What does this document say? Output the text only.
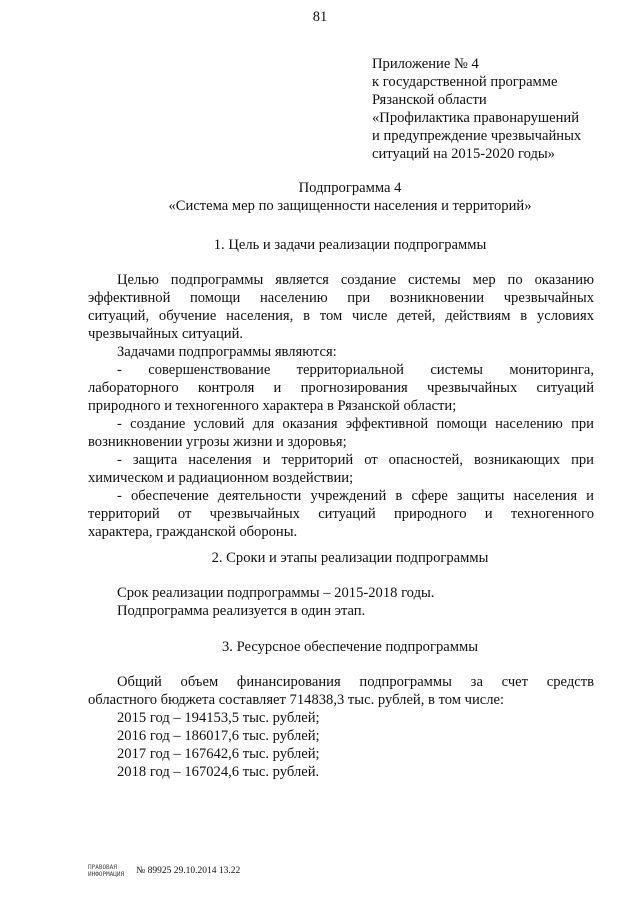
81
Приложение № 4
к государственной программе
Рязанской области
«Профилактика правонарушений
и предупреждение чрезвычайных
ситуаций на 2015-2020 годы»
Подпрограмма 4
«Система мер по защищенности населения и территорий»
1. Цель и задачи реализации подпрограммы
Целью подпрограммы является создание системы мер по оказанию
эффективной помощи населению при возникновении чрезвычайных
ситуаций, обучение населения, в том числе детей, действиям в условиях
чрезвычайных ситуаций.
Задачами подпрограммы являются:
- совершенствование территориальной системы мониторинга,
лабораторного контроля и прогнозирования чрезвычайных ситуаций
природного и техногенного характера в Рязанской области;
- создание условий для оказания эффективной помощи населению при
возникновении угрозы жизни и здоровья;
- защита населения и территорий от опасностей, возникающих при
химическом и радиационном воздействии;
- обеспечение деятельности учреждений в сфере защиты населения и
территорий от чрезвычайных ситуаций природного и техногенного
характера, гражданской обороны.
2. Сроки и этапы реализации подпрограммы
Срок реализации подпрограммы – 2015-2018 годы.
Подпрограмма реализуется в один этап.
3. Ресурсное обеспечение подпрограммы
Общий объем финансирования подпрограммы за счет средств
областного бюджета составляет 714838,3 тыс. рублей, в том числе:
2015 год – 194153,5 тыс. рублей;
2016 год – 186017,6 тыс. рублей;
2017 год – 167642,6 тыс. рублей;
2018 год – 167024,6 тыс. рублей.
ПРАВОВАЯ
ИНФОРМАЦИЯ № 89925 29.10.2014 13.22
